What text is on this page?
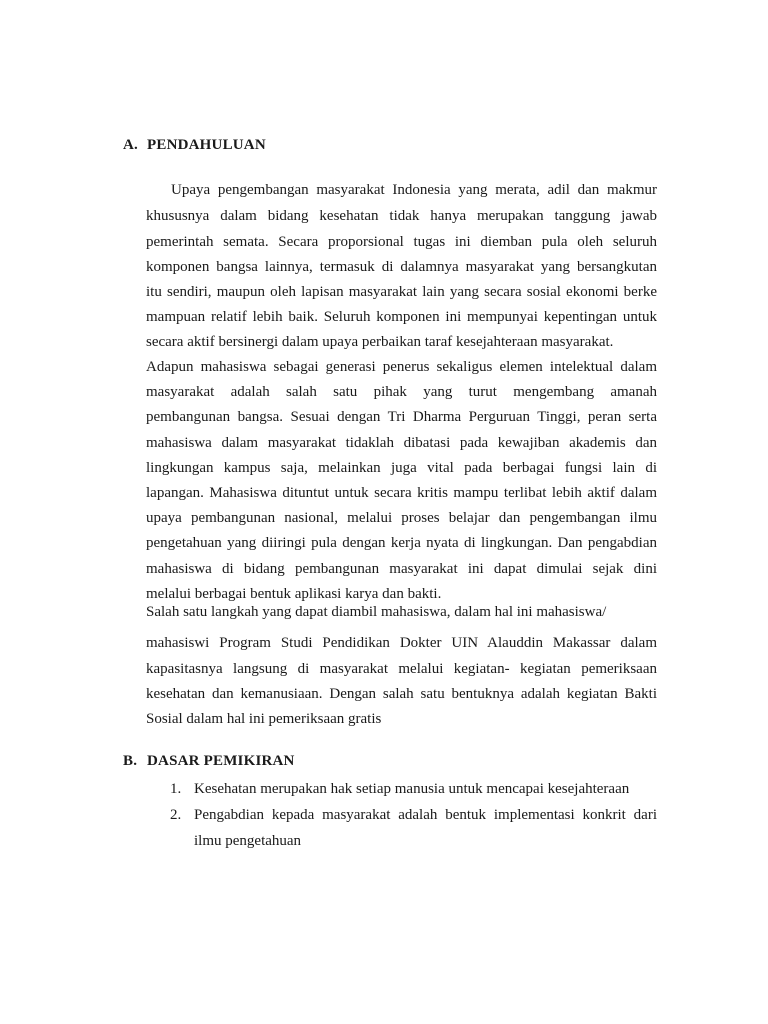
A. PENDAHULUAN
Upaya pengembangan masyarakat Indonesia yang merata, adil dan makmur
khususnya dalam bidang kesehatan tidak hanya merupakan tanggung jawab
pemerintah semata. Secara proporsional tugas ini diemban pula oleh seluruh
komponen bangsa lainnya, termasuk di dalamnya masyarakat yang bersangkutan
itu sendiri, maupun oleh lapisan masyarakat lain yang secara sosial ekonomi berke
mampuan relatif lebih baik. Seluruh komponen ini mempunyai kepentingan untuk
secara aktif bersinergi dalam upaya perbaikan taraf kesejahteraan masyarakat.
Adapun mahasiswa sebagai generasi penerus sekaligus elemen intelektual dalam
masyarakat adalah salah satu pihak yang turut mengembang amanah
pembangunan bangsa. Sesuai dengan Tri Dharma Perguruan Tinggi, peran serta
mahasiswa dalam masyarakat tidaklah dibatasi pada kewajiban akademis dan
lingkungan kampus saja, melainkan juga vital pada berbagai fungsi lain di
lapangan. Mahasiswa dituntut untuk secara kritis mampu terlibat lebih aktif dalam
upaya pembangunan nasional, melalui proses belajar dan pengembangan ilmu
pengetahuan yang diiringi pula dengan kerja nyata di lingkungan. Dan pengabdian
mahasiswa di bidang pembangunan masyarakat ini dapat dimulai sejak dini
melalui berbagai bentuk aplikasi karya dan bakti.
Salah satu langkah yang dapat diambil mahasiswa, dalam hal ini mahasiswa/
mahasiswi Program Studi Pendidikan Dokter UIN Alauddin Makassar dalam
kapasitasnya langsung di masyarakat melalui kegiatan- kegiatan pemeriksaan
kesehatan dan kemanusiaan. Dengan salah satu bentuknya adalah kegiatan Bakti
Sosial dalam hal ini pemeriksaan gratis
B. DASAR PEMIKIRAN
1. Kesehatan merupakan hak setiap manusia untuk mencapai kesejahteraan
2. Pengabdian kepada masyarakat adalah bentuk implementasi konkrit dari
ilmu pengetahuan
